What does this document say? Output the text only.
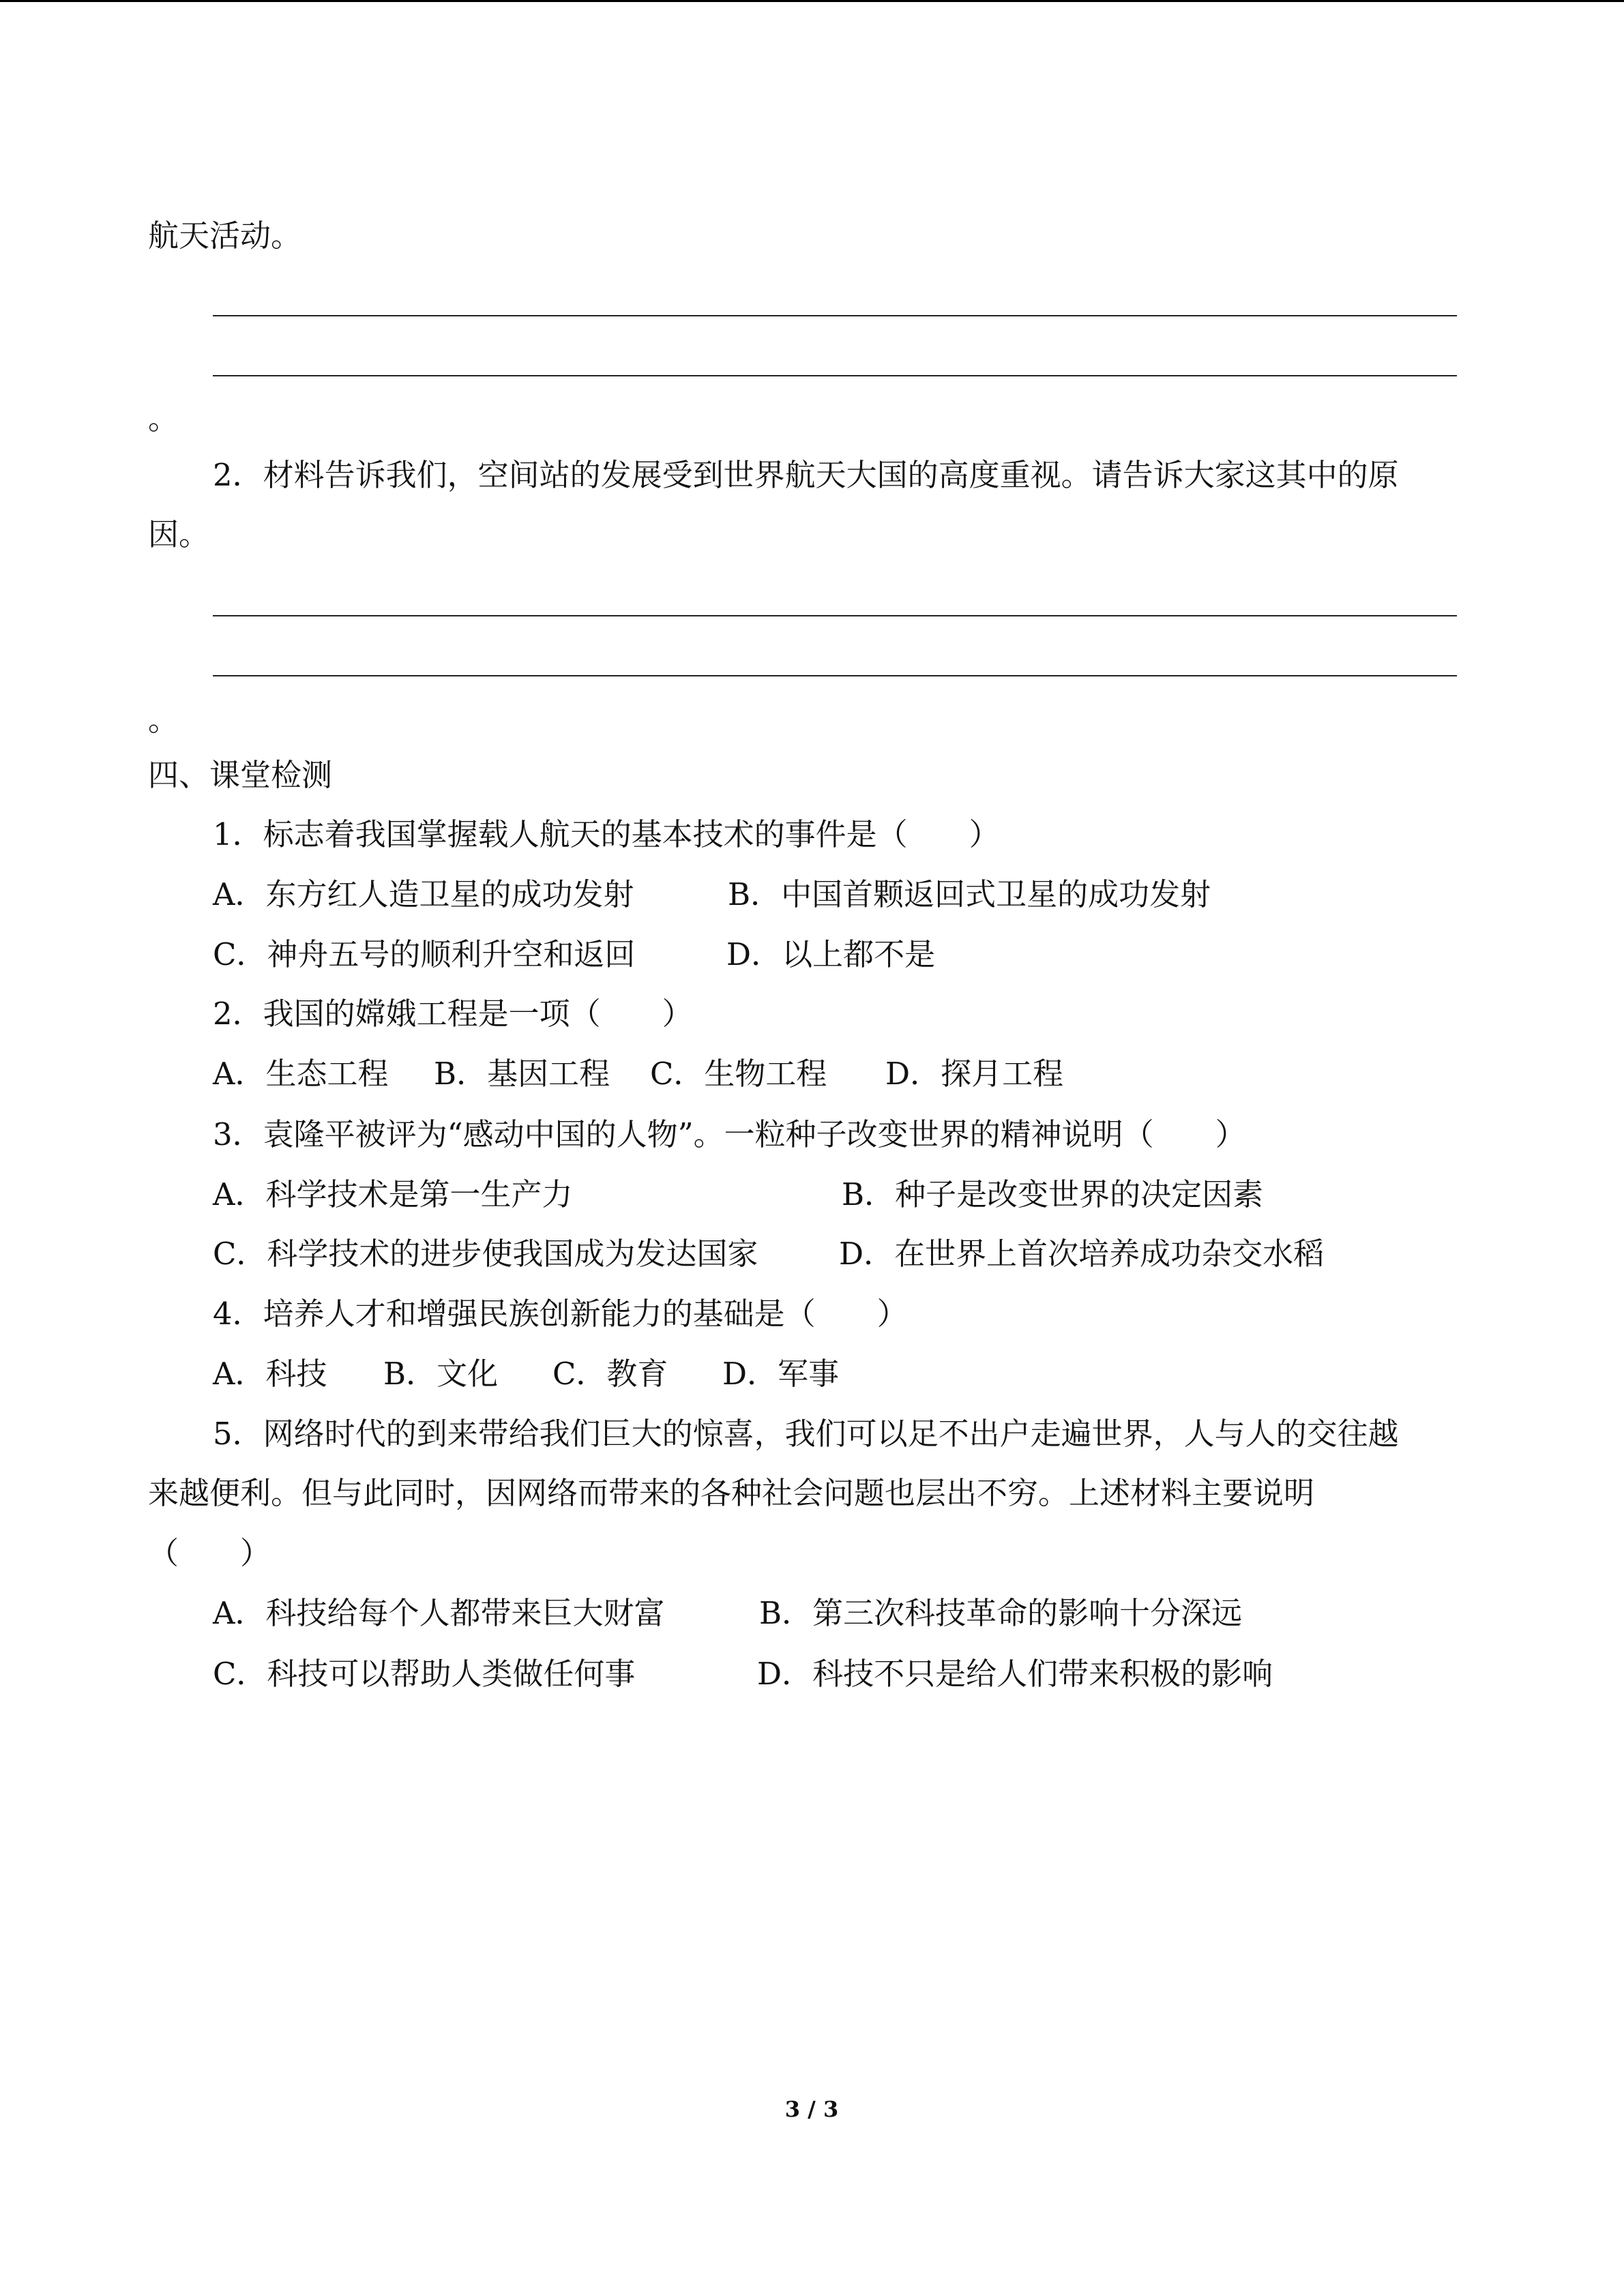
航天活动。
。
2．材料告诉我们，空间站的发展受到世界航天大国的高度重视。请告诉大家这其中的原
因。
。
四、课堂检测
1．标志着我国掌握载人航天的基本技术的事件是（　　）
A．东方红人造卫星的成功发射	B．中国首颗返回式卫星的成功发射
C．神舟五号的顺利升空和返回	D．以上都不是
2．我国的嫦娥工程是一项（　　）
A．生态工程 B．基因工程 C．生物工程 D．探月工程
3．袁隆平被评为“感动中国的人物”。一粒种子改变世界的精神说明（　　）
A．科学技术是第一生产力	B．种子是改变世界的决定因素
C．科学技术的进步使我国成为发达国家	D．在世界上首次培养成功杂交水稻
4．培养人才和增强民族创新能力的基础是（　　）
A．科技 B．文化 C．教育 D．军事
5．网络时代的到来带给我们巨大的惊喜，我们可以足不出户走遍世界，人与人的交往越
来越便利。但与此同时，因网络而带来的各种社会问题也层出不穷。上述材料主要说明
（　　）
A．科技给每个人都带来巨大财富	B．第三次科技革命的影响十分深远
C．科技可以帮助人类做任何事	D．科技不只是给人们带来积极的影响
3 / 3
